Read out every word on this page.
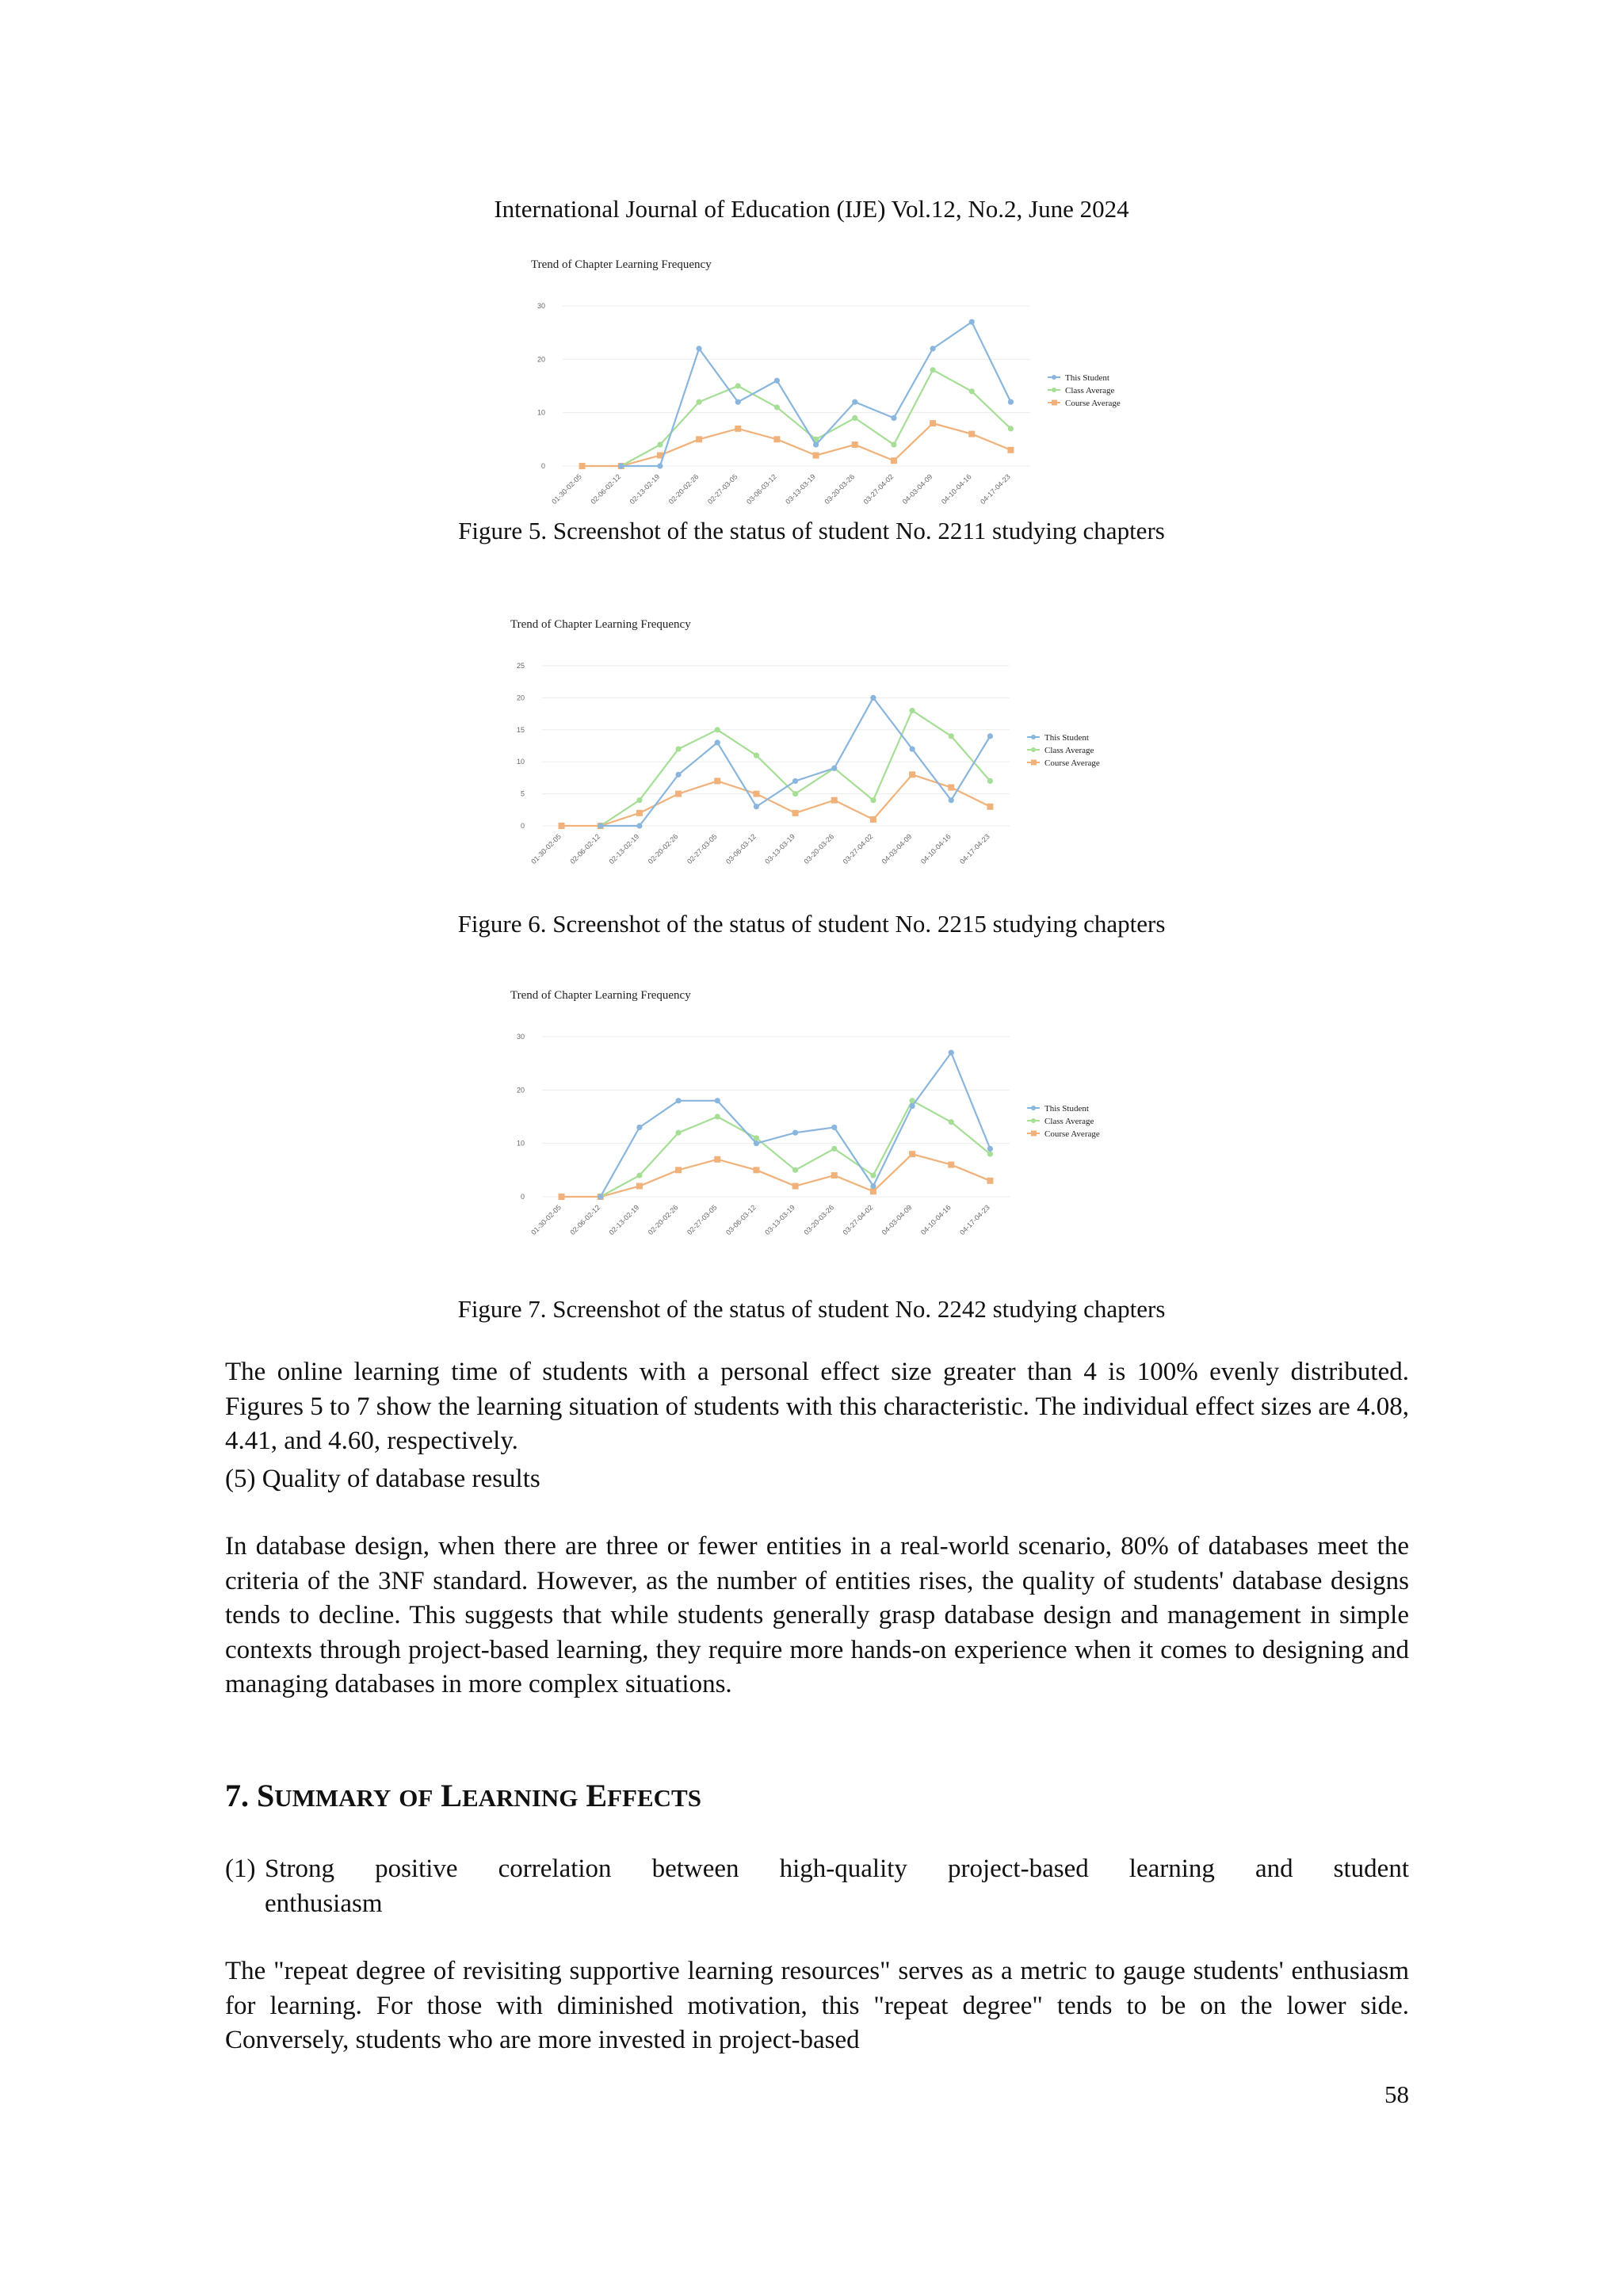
International Journal of Education (IJE) Vol.12, No.2, June 2024
Trend of Chapter Learning Frequency
0
10
20
30
01-30-02-05 02-06-02-12 02-13-02-19 02-20-02-26 02-27-03-05 03-06-03-12 03-13-03-19 03-20-03-26 03-27-04-02 04-03-04-09 04-10-04-16 04-17-04-23
This Student
Class Average
Course Average
Figure 5. Screenshot of the status of student No. 2211 studying chapters
Trend of Chapter Learning Frequency
0
5
10
15
20
25
01-30-02-05 02-06-02-12 02-13-02-19 02-20-02-26 02-27-03-05 03-06-03-12 03-13-03-19 03-20-03-26 03-27-04-02 04-03-04-09 04-10-04-16 04-17-04-23
This Student
Class Average
Course Average
Figure 6. Screenshot of the status of student No. 2215 studying chapters
Trend of Chapter Learning Frequency
0
10
20
30
01-30-02-05 02-06-02-12 02-13-02-19 02-20-02-26 02-27-03-05 03-06-03-12 03-13-03-19 03-20-03-26 03-27-04-02 04-03-04-09 04-10-04-16 04-17-04-23
This Student
Class Average
Course Average
Figure 7. Screenshot of the status of student No. 2242 studying chapters

The online learning time of students with a personal effect size greater than 4 is 100% evenly distributed. Figures 5 to 7 show the learning situation of students with this characteristic. The individual effect sizes are 4.08, 4.41, and 4.60, respectively.

(5) Quality of database results

In database design, when there are three or fewer entities in a real-world scenario, 80% of databases meet the criteria of the 3NF standard. However, as the number of entities rises, the quality of students' database designs tends to decline. This suggests that while students generally grasp database design and management in simple contexts through project-based learning, they require more hands-on experience when it comes to designing and managing databases in more complex situations.

7. SUMMARY OF LEARNING EFFECTS
(1) Strong positive correlation between high-quality project-based learning and student
enthusiasm

The "repeat degree of revisiting supportive learning resources" serves as a metric to gauge students' enthusiasm for learning. For those with diminished motivation, this "repeat degree" tends to be on the lower side. Conversely, students who are more invested in project-based

58
